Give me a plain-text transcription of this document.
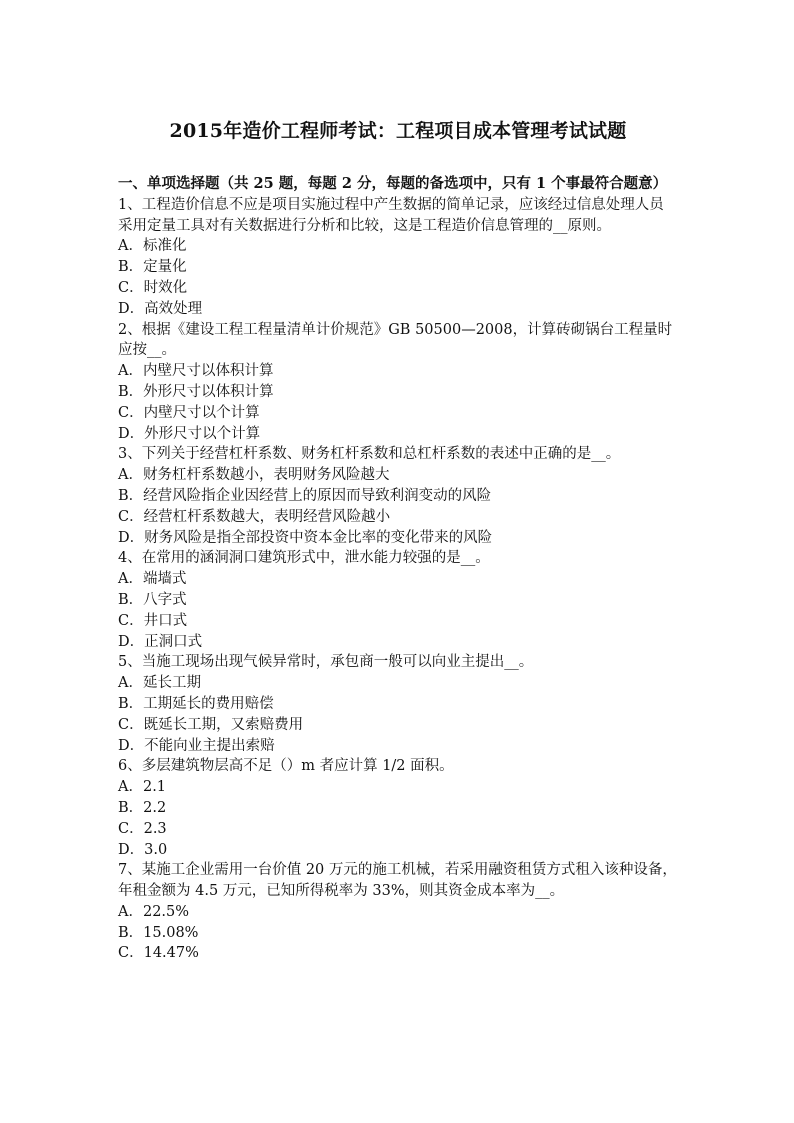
2015年造价工程师考试：工程项目成本管理考试试题
一、单项选择题（共 25 题，每题 2 分，每题的备选项中，只有 1 个事最符合题意）
1、工程造价信息不应是项目实施过程中产生数据的简单记录，应该经过信息处理人员采用定量工具对有关数据进行分析和比较，这是工程造价信息管理的__原则。
A．标准化
B．定量化
C．时效化
D．高效处理
2、根据《建设工程工程量清单计价规范》GB 50500—2008，计算砖砌锅台工程量时应按__。
A．内壁尺寸以体积计算
B．外形尺寸以体积计算
C．内壁尺寸以个计算
D．外形尺寸以个计算
3、下列关于经营杠杆系数、财务杠杆系数和总杠杆系数的表述中正确的是__。
A．财务杠杆系数越小，表明财务风险越大
B．经营风险指企业因经营上的原因而导致利润变动的风险
C．经营杠杆系数越大，表明经营风险越小
D．财务风险是指全部投资中资本金比率的变化带来的风险
4、在常用的涵洞洞口建筑形式中，泄水能力较强的是__。
A．端墙式
B．八字式
C．井口式
D．正洞口式
5、当施工现场出现气候异常时，承包商一般可以向业主提出__。
A．延长工期
B．工期延长的费用赔偿
C．既延长工期，又索赔费用
D．不能向业主提出索赔
6、多层建筑物层高不足（）m 者应计算 1/2 面积。
A．2.1
B．2.2
C．2.3
D．3.0
7、某施工企业需用一台价值 20 万元的施工机械，若采用融资租赁方式租入该种设备，年租金额为 4.5 万元，已知所得税率为 33%，则其资金成本率为__。
A．22.5%
B．15.08%
C．14.47%
